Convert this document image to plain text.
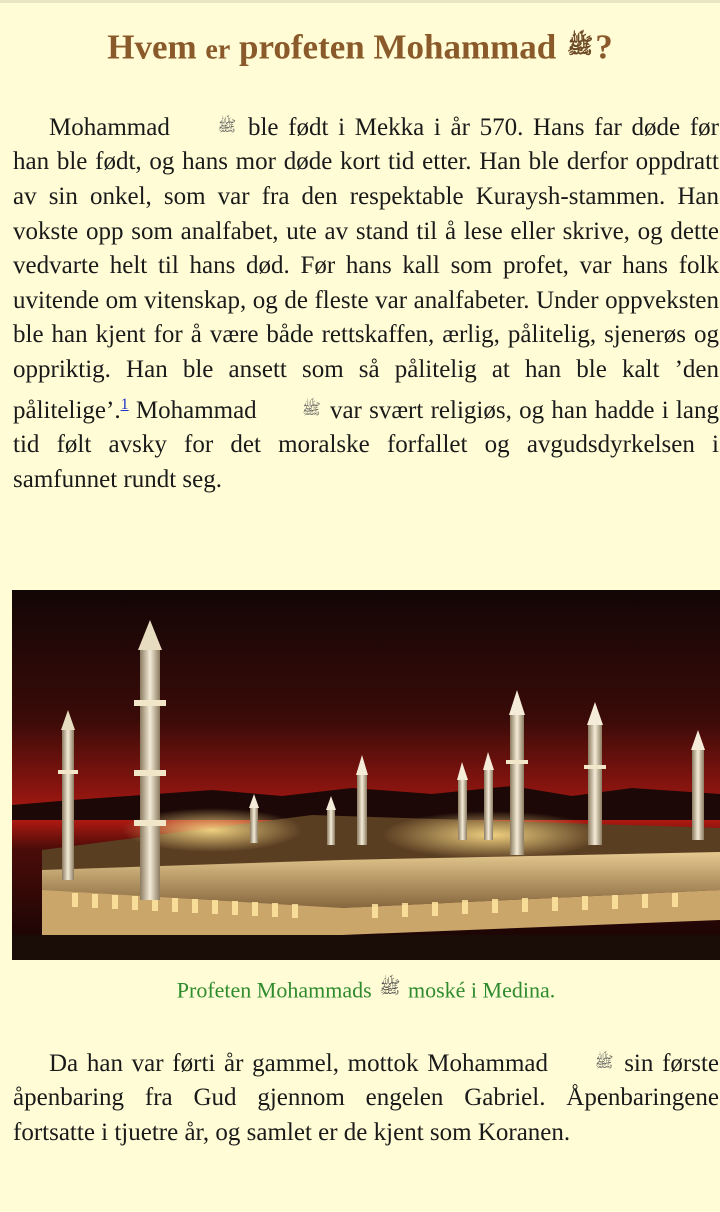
Hvem er profeten Mohammad ﷺ?

Mohammad ﷺ ble født i Mekka i år 570. Hans far døde før han ble født, og hans mor døde kort tid etter. Han ble derfor oppdratt av sin onkel, som var fra den respektable Kuraysh-stammen. Han vokste opp som analfabet, ute av stand til å lese eller skrive, og dette vedvarte helt til hans død. Før hans kall som profet, var hans folk uvitende om vitenskap, og de fleste var analfabeter. Under oppveksten ble han kjent for å være både rettskaffen, ærlig, pålitelig, sjenerøs og oppriktig. Han ble ansett som så pålitelig at han ble kalt ’den pålitelige’.$^1$ Mohammad ﷺ var svært religiøs, og han hadde i lang tid følt avsky for det moralske forfallet og avgudsdyrkelsen i samfunnet rundt seg.

Profeten Mohammads ﷺ moské i Medina.

Da han var førti år gammel, mottok Mohammad ﷺ sin første åpenbaring fra Gud gjennom engelen Gabriel. Åpenbaringene fortsatte i tjuetre år, og samlet er de kjent som Koranen.
